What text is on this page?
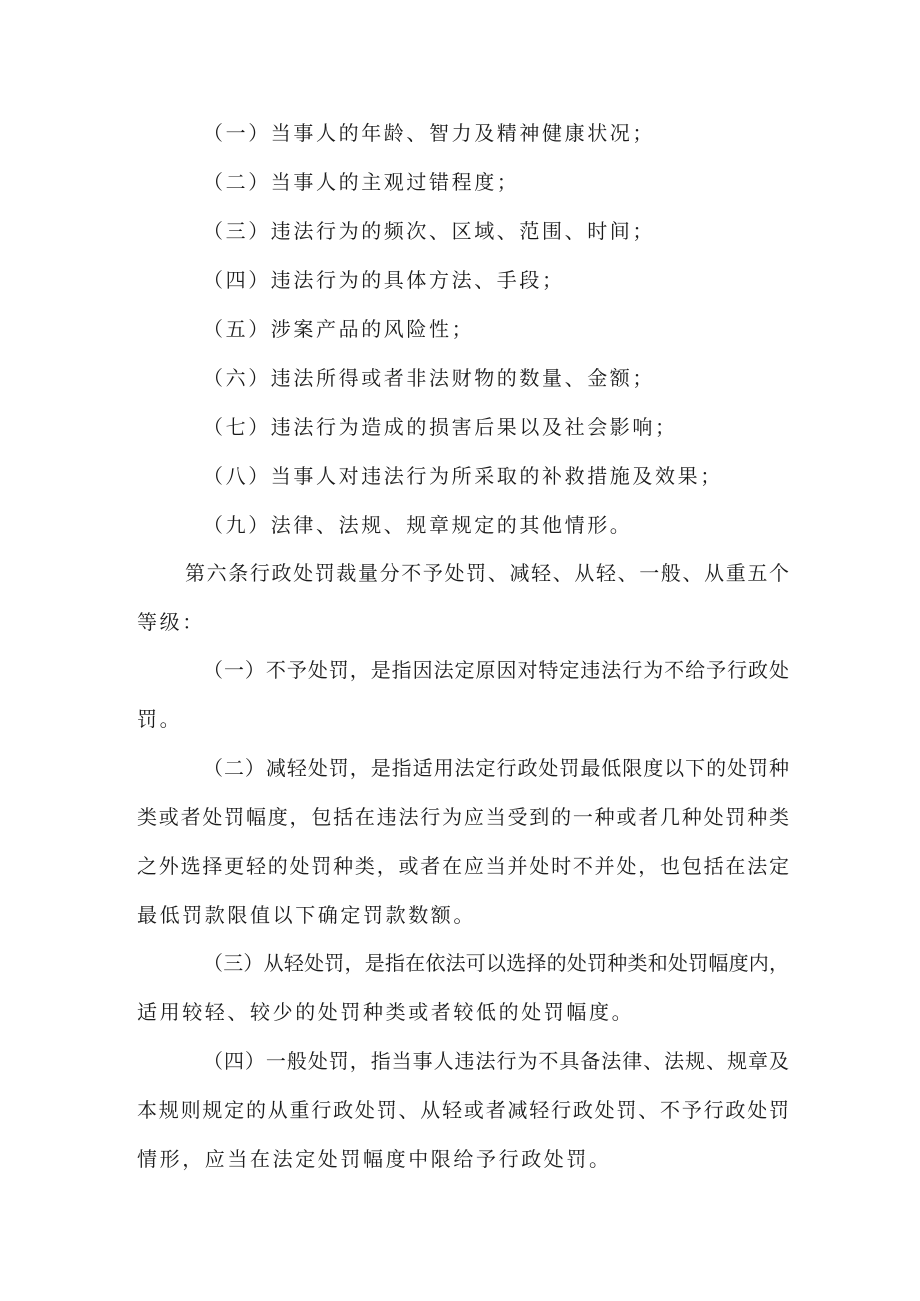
（一）当事人的年龄、智力及精神健康状况；
（二）当事人的主观过错程度；
（三）违法行为的频次、区域、范围、时间；
（四）违法行为的具体方法、手段；
（五）涉案产品的风险性；
（六）违法所得或者非法财物的数量、金额；
（七）违法行为造成的损害后果以及社会影响；
（八）当事人对违法行为所采取的补救措施及效果；
（九）法律、法规、规章规定的其他情形。
第六条行政处罚裁量分不予处罚、减轻、从轻、一般、从重五个
等级：
（一）不予处罚，是指因法定原因对特定违法行为不给予行政处
罚。
（二）减轻处罚，是指适用法定行政处罚最低限度以下的处罚种
类或者处罚幅度，包括在违法行为应当受到的一种或者几种处罚种类
之外选择更轻的处罚种类，或者在应当并处时不并处，也包括在法定
最低罚款限值以下确定罚款数额。
（三）从轻处罚，是指在依法可以选择的处罚种类和处罚幅度内，
适用较轻、较少的处罚种类或者较低的处罚幅度。
（四）一般处罚，指当事人违法行为不具备法律、法规、规章及
本规则规定的从重行政处罚、从轻或者减轻行政处罚、不予行政处罚
情形，应当在法定处罚幅度中限给予行政处罚。
